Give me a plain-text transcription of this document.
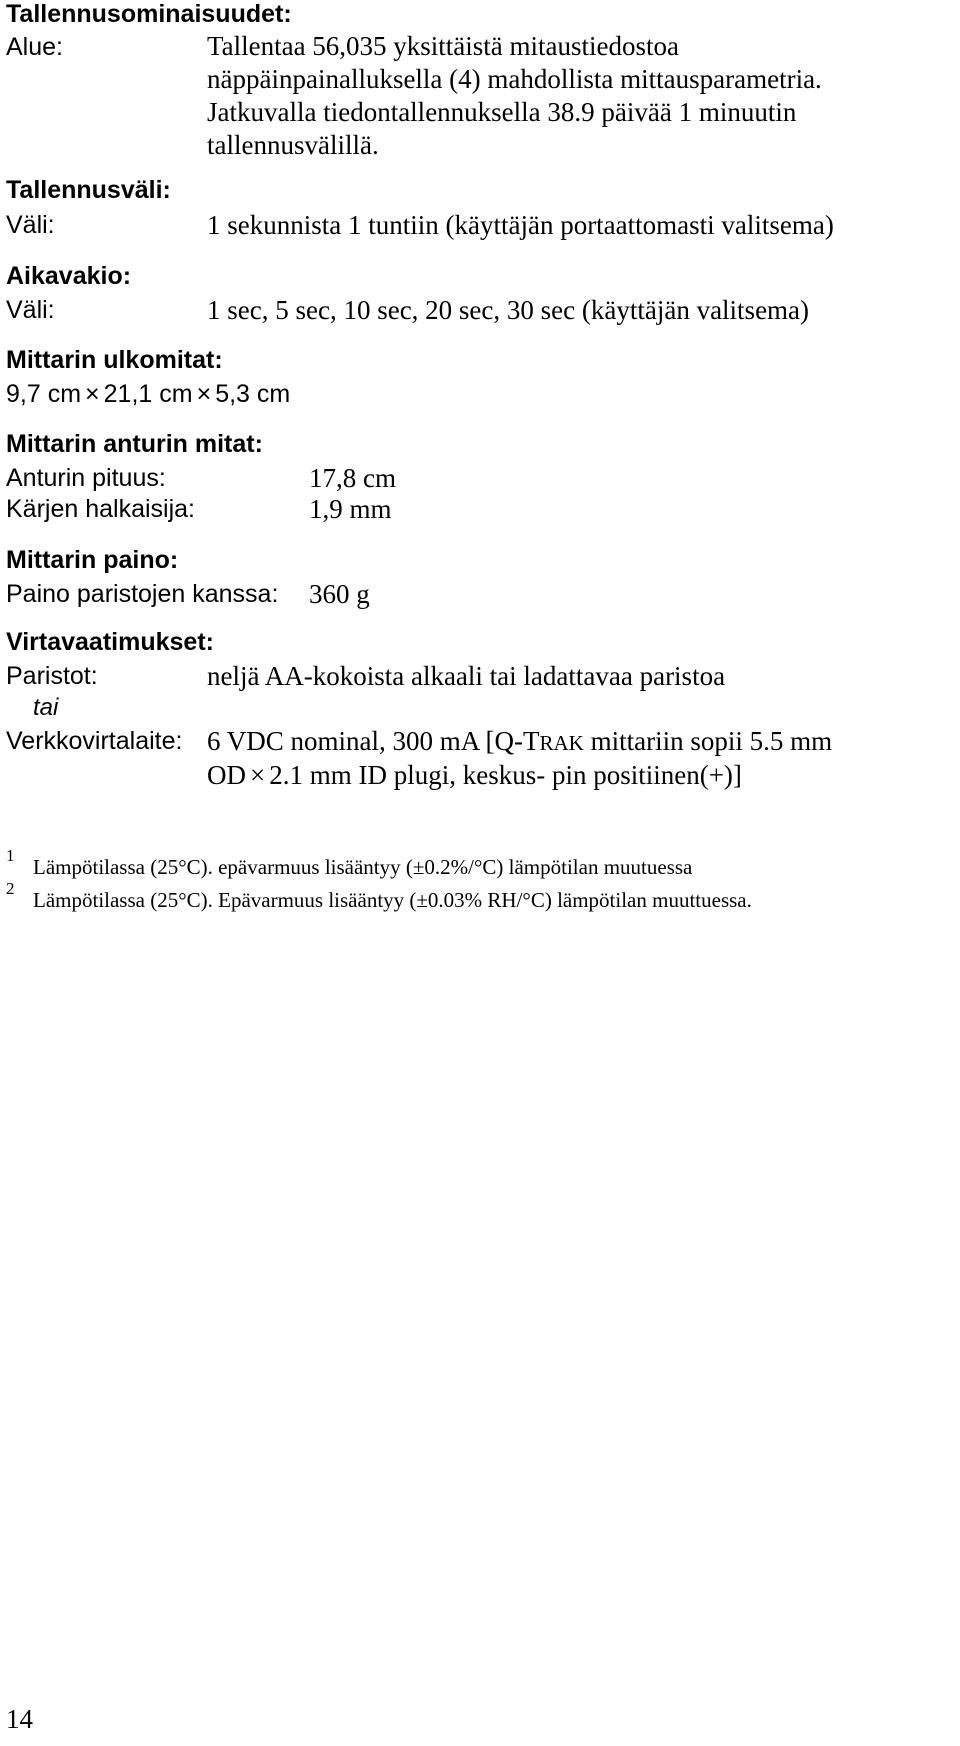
Tallennusominaisuudet:
Alue:	Tallentaa 56,035 yksittäistä mitaustiedostoa
näppäinpainalluksella (4) mahdollista mittausparametria.
Jatkuvalla tiedontallennuksella 38.9 päivää 1 minuutin
tallennusvälillä.
Tallennusväli:
Väli:	1 sekunnista 1 tuntiin (käyttäjän portaattomasti valitsema)
Aikavakio:
Väli:	1 sec, 5 sec, 10 sec, 20 sec, 30 sec (käyttäjän valitsema)
Mittarin ulkomitat:
9,7 cm × 21,1 cm × 5,3 cm
Mittarin anturin mitat:
Anturin pituus:	17,8 cm
Kärjen halkaisija:	1,9 mm
Mittarin paino:
Paino paristojen kanssa: 360 g
Virtavaatimukset:
Paristot:	neljä AA-kokoista alkaali tai ladattavaa paristoa
tai
Verkkovirtalaite: 6 VDC nominal, 300 mA [Q-TRAK mittariin sopii 5.5 mm
OD × 2.1 mm ID plugi, keskus- pin positiinen(+)]
1 Lämpötilassa (25°C). epävarmuus lisääntyy (±0.2%/°C) lämpötilan muutuessa
2 Lämpötilassa (25°C). Epävarmuus lisääntyy (±0.03% RH/°C) lämpötilan muuttuessa.
14
